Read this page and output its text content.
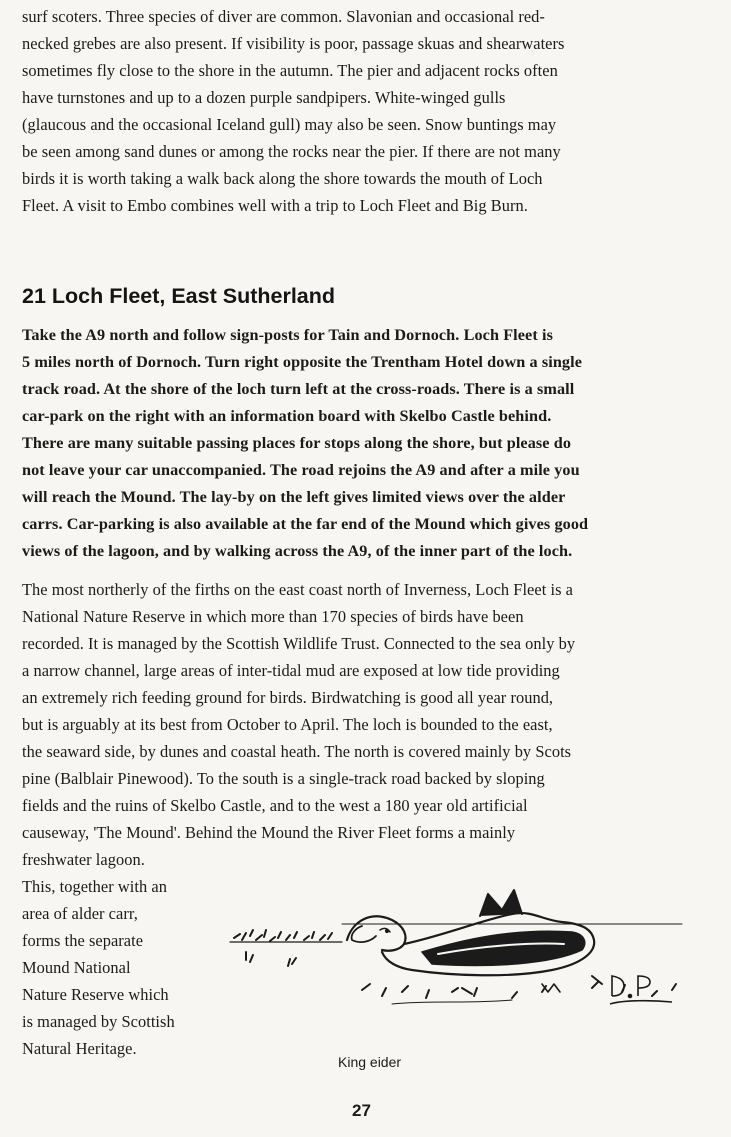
surf scoters. Three species of diver are common. Slavonian and occasional red-
necked grebes are also present. If visibility is poor, passage skuas and shearwaters
sometimes fly close to the shore in the autumn. The pier and adjacent rocks often
have turnstones and up to a dozen purple sandpipers. White-winged gulls
(glaucous and the occasional Iceland gull) may also be seen. Snow buntings may
be seen among sand dunes or among the rocks near the pier. If there are not many
birds it is worth taking a walk back along the shore towards the mouth of Loch
Fleet. A visit to Embo combines well with a trip to Loch Fleet and Big Burn.
21 Loch Fleet, East Sutherland
Take the A9 north and follow sign-posts for Tain and Dornoch. Loch Fleet is
5 miles north of Dornoch. Turn right opposite the Trentham Hotel down a single
track road. At the shore of the loch turn left at the cross-roads. There is a small
car-park on the right with an information board with Skelbo Castle behind.
There are many suitable passing places for stops along the shore, but please do
not leave your car unaccompanied. The road rejoins the A9 and after a mile you
will reach the Mound. The lay-by on the left gives limited views over the alder
carrs. Car-parking is also available at the far end of the Mound which gives good
views of the lagoon, and by walking across the A9, of the inner part of the loch.
The most northerly of the firths on the east coast north of Inverness, Loch Fleet is a
National Nature Reserve in which more than 170 species of birds have been
recorded. It is managed by the Scottish Wildlife Trust. Connected to the sea only by
a narrow channel, large areas of inter-tidal mud are exposed at low tide providing
an extremely rich feeding ground for birds. Birdwatching is good all year round,
but is arguably at its best from October to April. The loch is bounded to the east,
the seaward side, by dunes and coastal heath. The north is covered mainly by Scots
pine (Balblair Pinewood). To the south is a single-track road backed by sloping
fields and the ruins of Skelbo Castle, and to the west a 180 year old artificial
causeway, 'The Mound'. Behind the Mound the River Fleet forms a mainly
freshwater lagoon.
This, together with an
area of alder carr,
forms the separate
Mound National
Nature Reserve which
is managed by Scottish
Natural Heritage.
King eider
27
